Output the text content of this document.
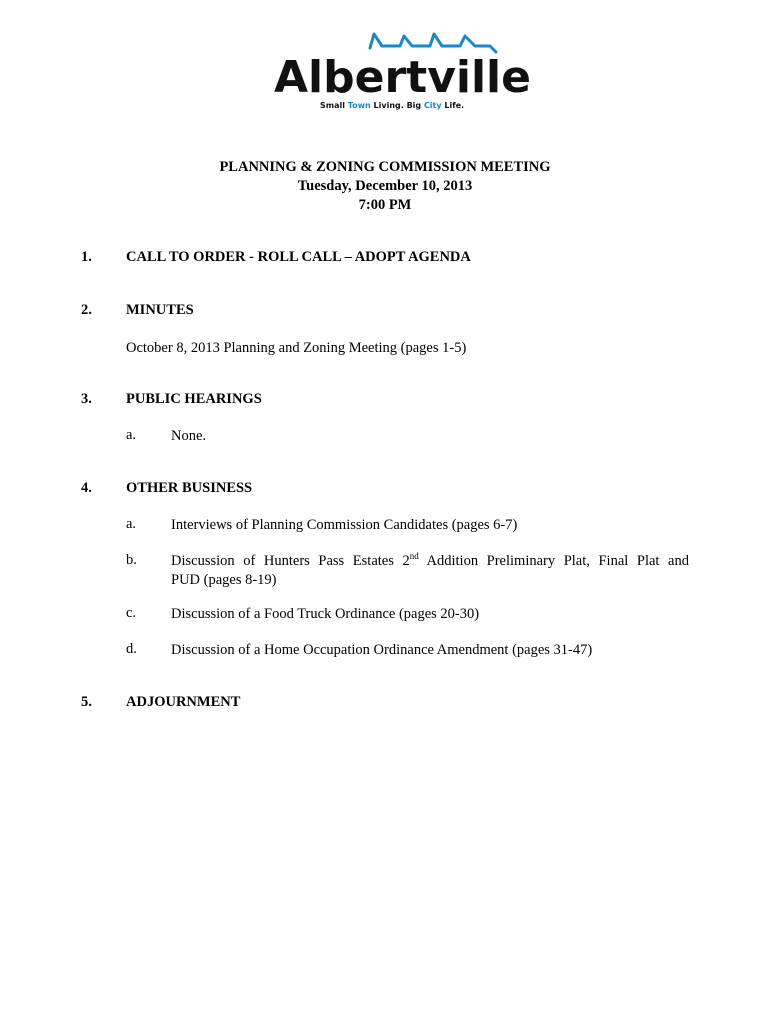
Albertville
Small Town Living. Big City Life.
PLANNING & ZONING COMMISSION MEETING
Tuesday, December 10, 2013
7:00 PM
1. CALL TO ORDER - ROLL CALL – ADOPT AGENDA
2. MINUTES
October 8, 2013 Planning and Zoning Meeting (pages 1-5)
3. PUBLIC HEARINGS
a. None.
4. OTHER BUSINESS
a. Interviews of Planning Commission Candidates (pages 6-7)
b. Discussion of Hunters Pass Estates 2nd Addition Preliminary Plat, Final Plat and
PUD (pages 8-19)
c. Discussion of a Food Truck Ordinance (pages 20-30)
d. Discussion of a Home Occupation Ordinance Amendment (pages 31-47)
5. ADJOURNMENT
